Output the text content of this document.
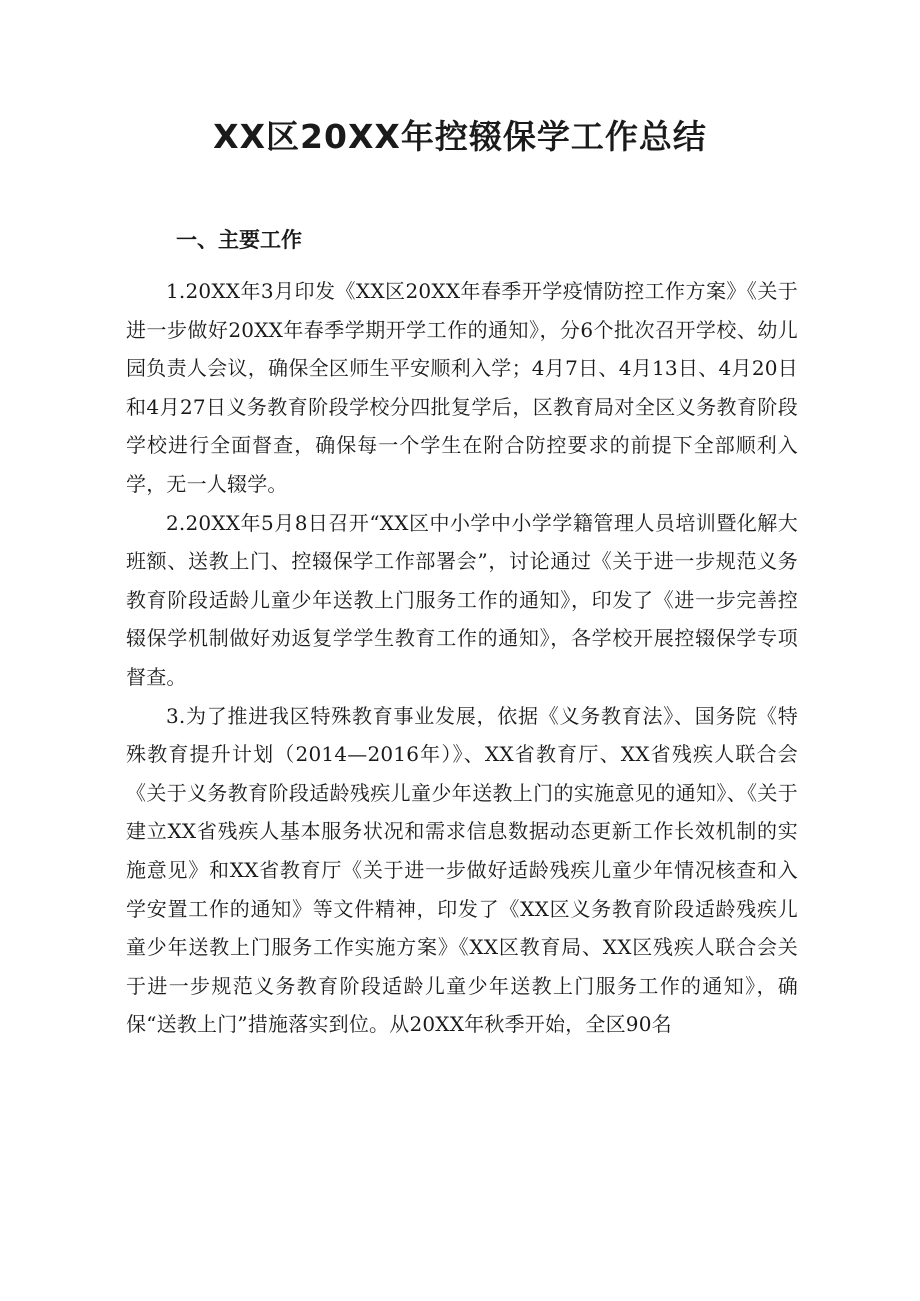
XX区20XX年控辍保学工作总结
一、主要工作

1.20XX年3月印发《XX区20XX年春季开学疫情防控工作方案》《关于进一步做好20XX年春季学期开学工作的通知》，分6个批次召开学校、幼儿园负责人会议，确保全区师生平安顺利入学；4月7日、4月13日、4月20日和4月27日义务教育阶段学校分四批复学后，区教育局对全区义务教育阶段学校进行全面督查，确保每一个学生在附合防控要求的前提下全部顺利入学，无一人辍学。

2.20XX年5月8日召开“XX区中小学中小学学籍管理人员培训暨化解大班额、送教上门、控辍保学工作部署会”，讨论通过《关于进一步规范义务教育阶段适龄儿童少年送教上门服务工作的通知》，印发了《进一步完善控辍保学机制做好劝返复学学生教育工作的通知》，各学校开展控辍保学专项督查。

3.为了推进我区特殊教育事业发展，依据《义务教育法》、国务院《特殊教育提升计划（2014—2016年）》、XX省教育厅、XX省残疾人联合会《关于义务教育阶段适龄残疾儿童少年送教上门的实施意见的通知》、《关于建立XX省残疾人基本服务状况和需求信息数据动态更新工作长效机制的实施意见》和XX省教育厅《关于进一步做好适龄残疾儿童少年情况核查和入学安置工作的通知》等文件精神，印发了《XX区义务教育阶段适龄残疾儿童少年送教上门服务工作实施方案》《XX区教育局、XX区残疾人联合会关于进一步规范义务教育阶段适龄儿童少年送教上门服务工作的通知》，确保“送教上门”措施落实到位。从20XX年秋季开始，全区90名
